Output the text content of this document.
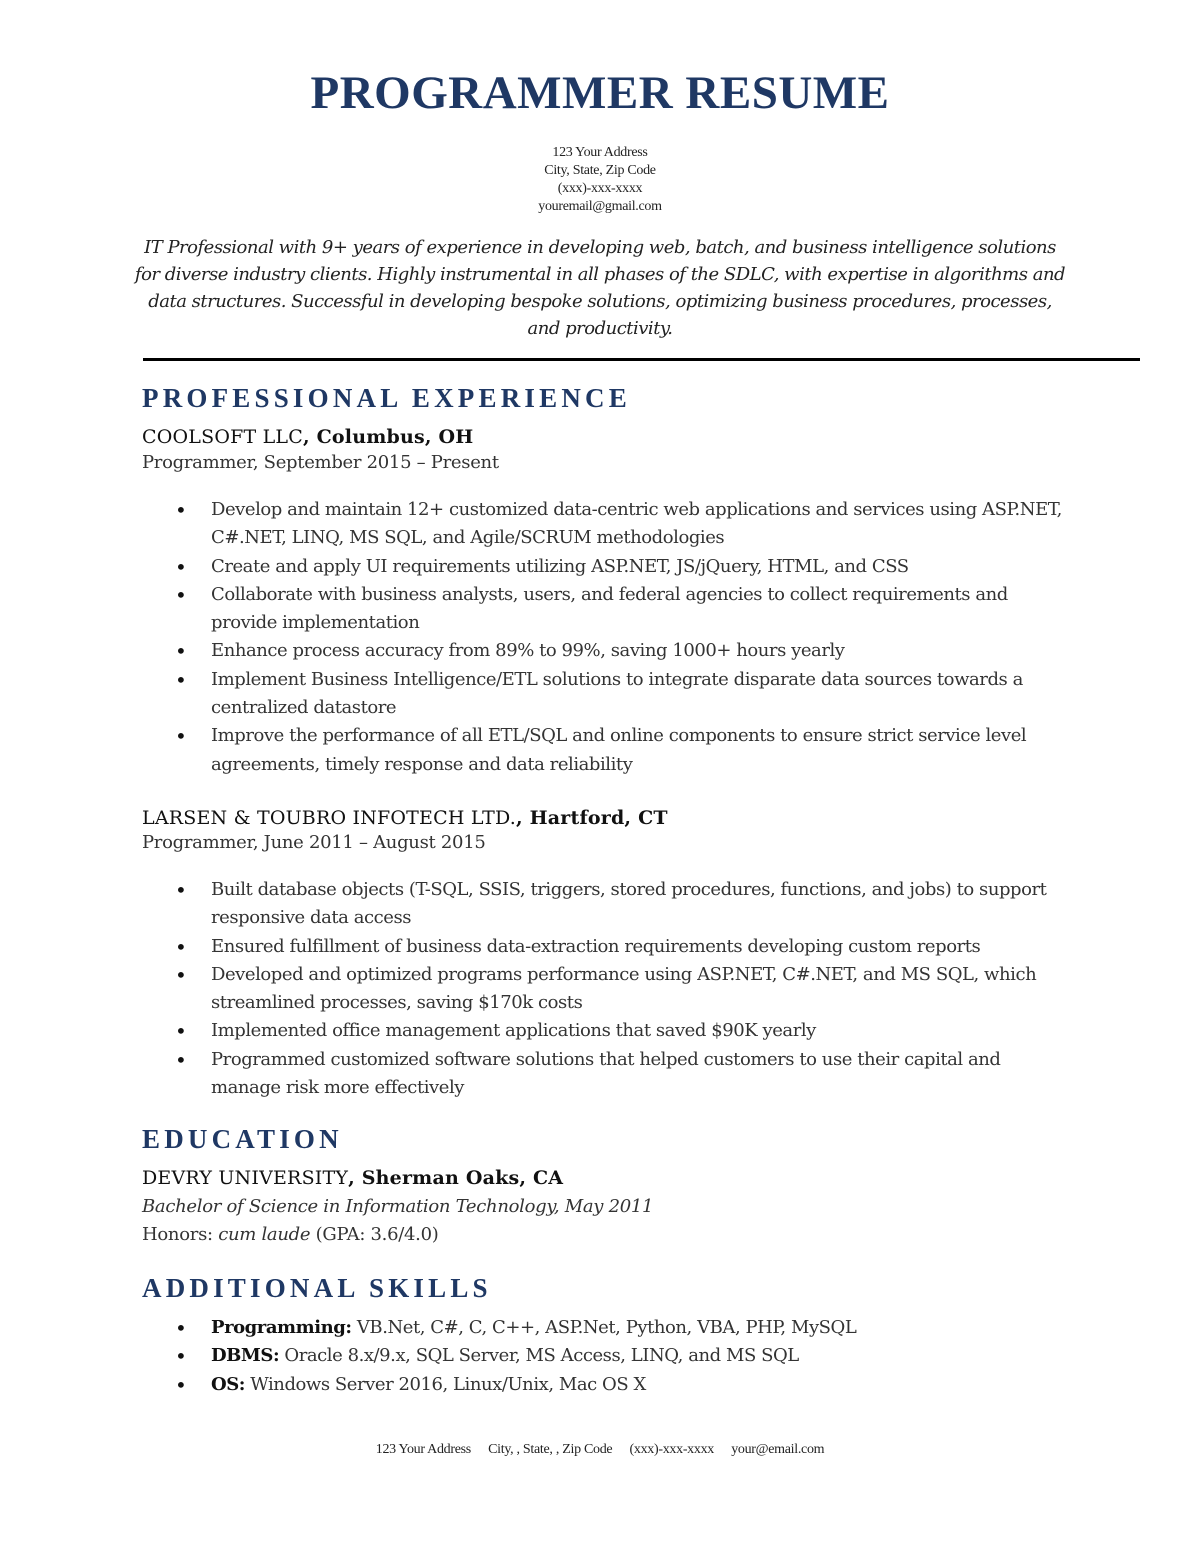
PROGRAMMER RESUME
123 Your Address
City, State, Zip Code
(xxx)-xxx-xxxx
youremail@gmail.com
IT Professional with 9+ years of experience in developing web, batch, and business intelligence solutions for diverse industry clients. Highly instrumental in all phases of the SDLC, with expertise in algorithms and data structures. Successful in developing bespoke solutions, optimizing business procedures, processes, and productivity.
PROFESSIONAL EXPERIENCE
COOLSOFT LLC, Columbus, OH
Programmer, September 2015 – Present
• Develop and maintain 12+ customized data-centric web applications and services using ASP.NET, C#.NET, LINQ, MS SQL, and Agile/SCRUM methodologies
• Create and apply UI requirements utilizing ASP.NET, JS/jQuery, HTML, and CSS
• Collaborate with business analysts, users, and federal agencies to collect requirements and provide implementation
• Enhance process accuracy from 89% to 99%, saving 1000+ hours yearly
• Implement Business Intelligence/ETL solutions to integrate disparate data sources towards a centralized datastore
• Improve the performance of all ETL/SQL and online components to ensure strict service level agreements, timely response and data reliability
LARSEN & TOUBRO INFOTECH LTD., Hartford, CT
Programmer, June 2011 – August 2015
• Built database objects (T-SQL, SSIS, triggers, stored procedures, functions, and jobs) to support responsive data access
• Ensured fulfillment of business data-extraction requirements developing custom reports
• Developed and optimized programs performance using ASP.NET, C#.NET, and MS SQL, which streamlined processes, saving $170k costs
• Implemented office management applications that saved $90K yearly
• Programmed customized software solutions that helped customers to use their capital and manage risk more effectively
EDUCATION
DEVRY UNIVERSITY, Sherman Oaks, CA
Bachelor of Science in Information Technology, May 2011
Honors: cum laude (GPA: 3.6/4.0)
ADDITIONAL SKILLS
• Programming: VB.Net, C#, C, C++, ASP.Net, Python, VBA, PHP, MySQL
• DBMS: Oracle 8.x/9.x, SQL Server, MS Access, LINQ, and MS SQL
• OS: Windows Server 2016, Linux/Unix, Mac OS X
123 Your Address City, , State, , Zip Code (xxx)-xxx-xxxx your@email.com
